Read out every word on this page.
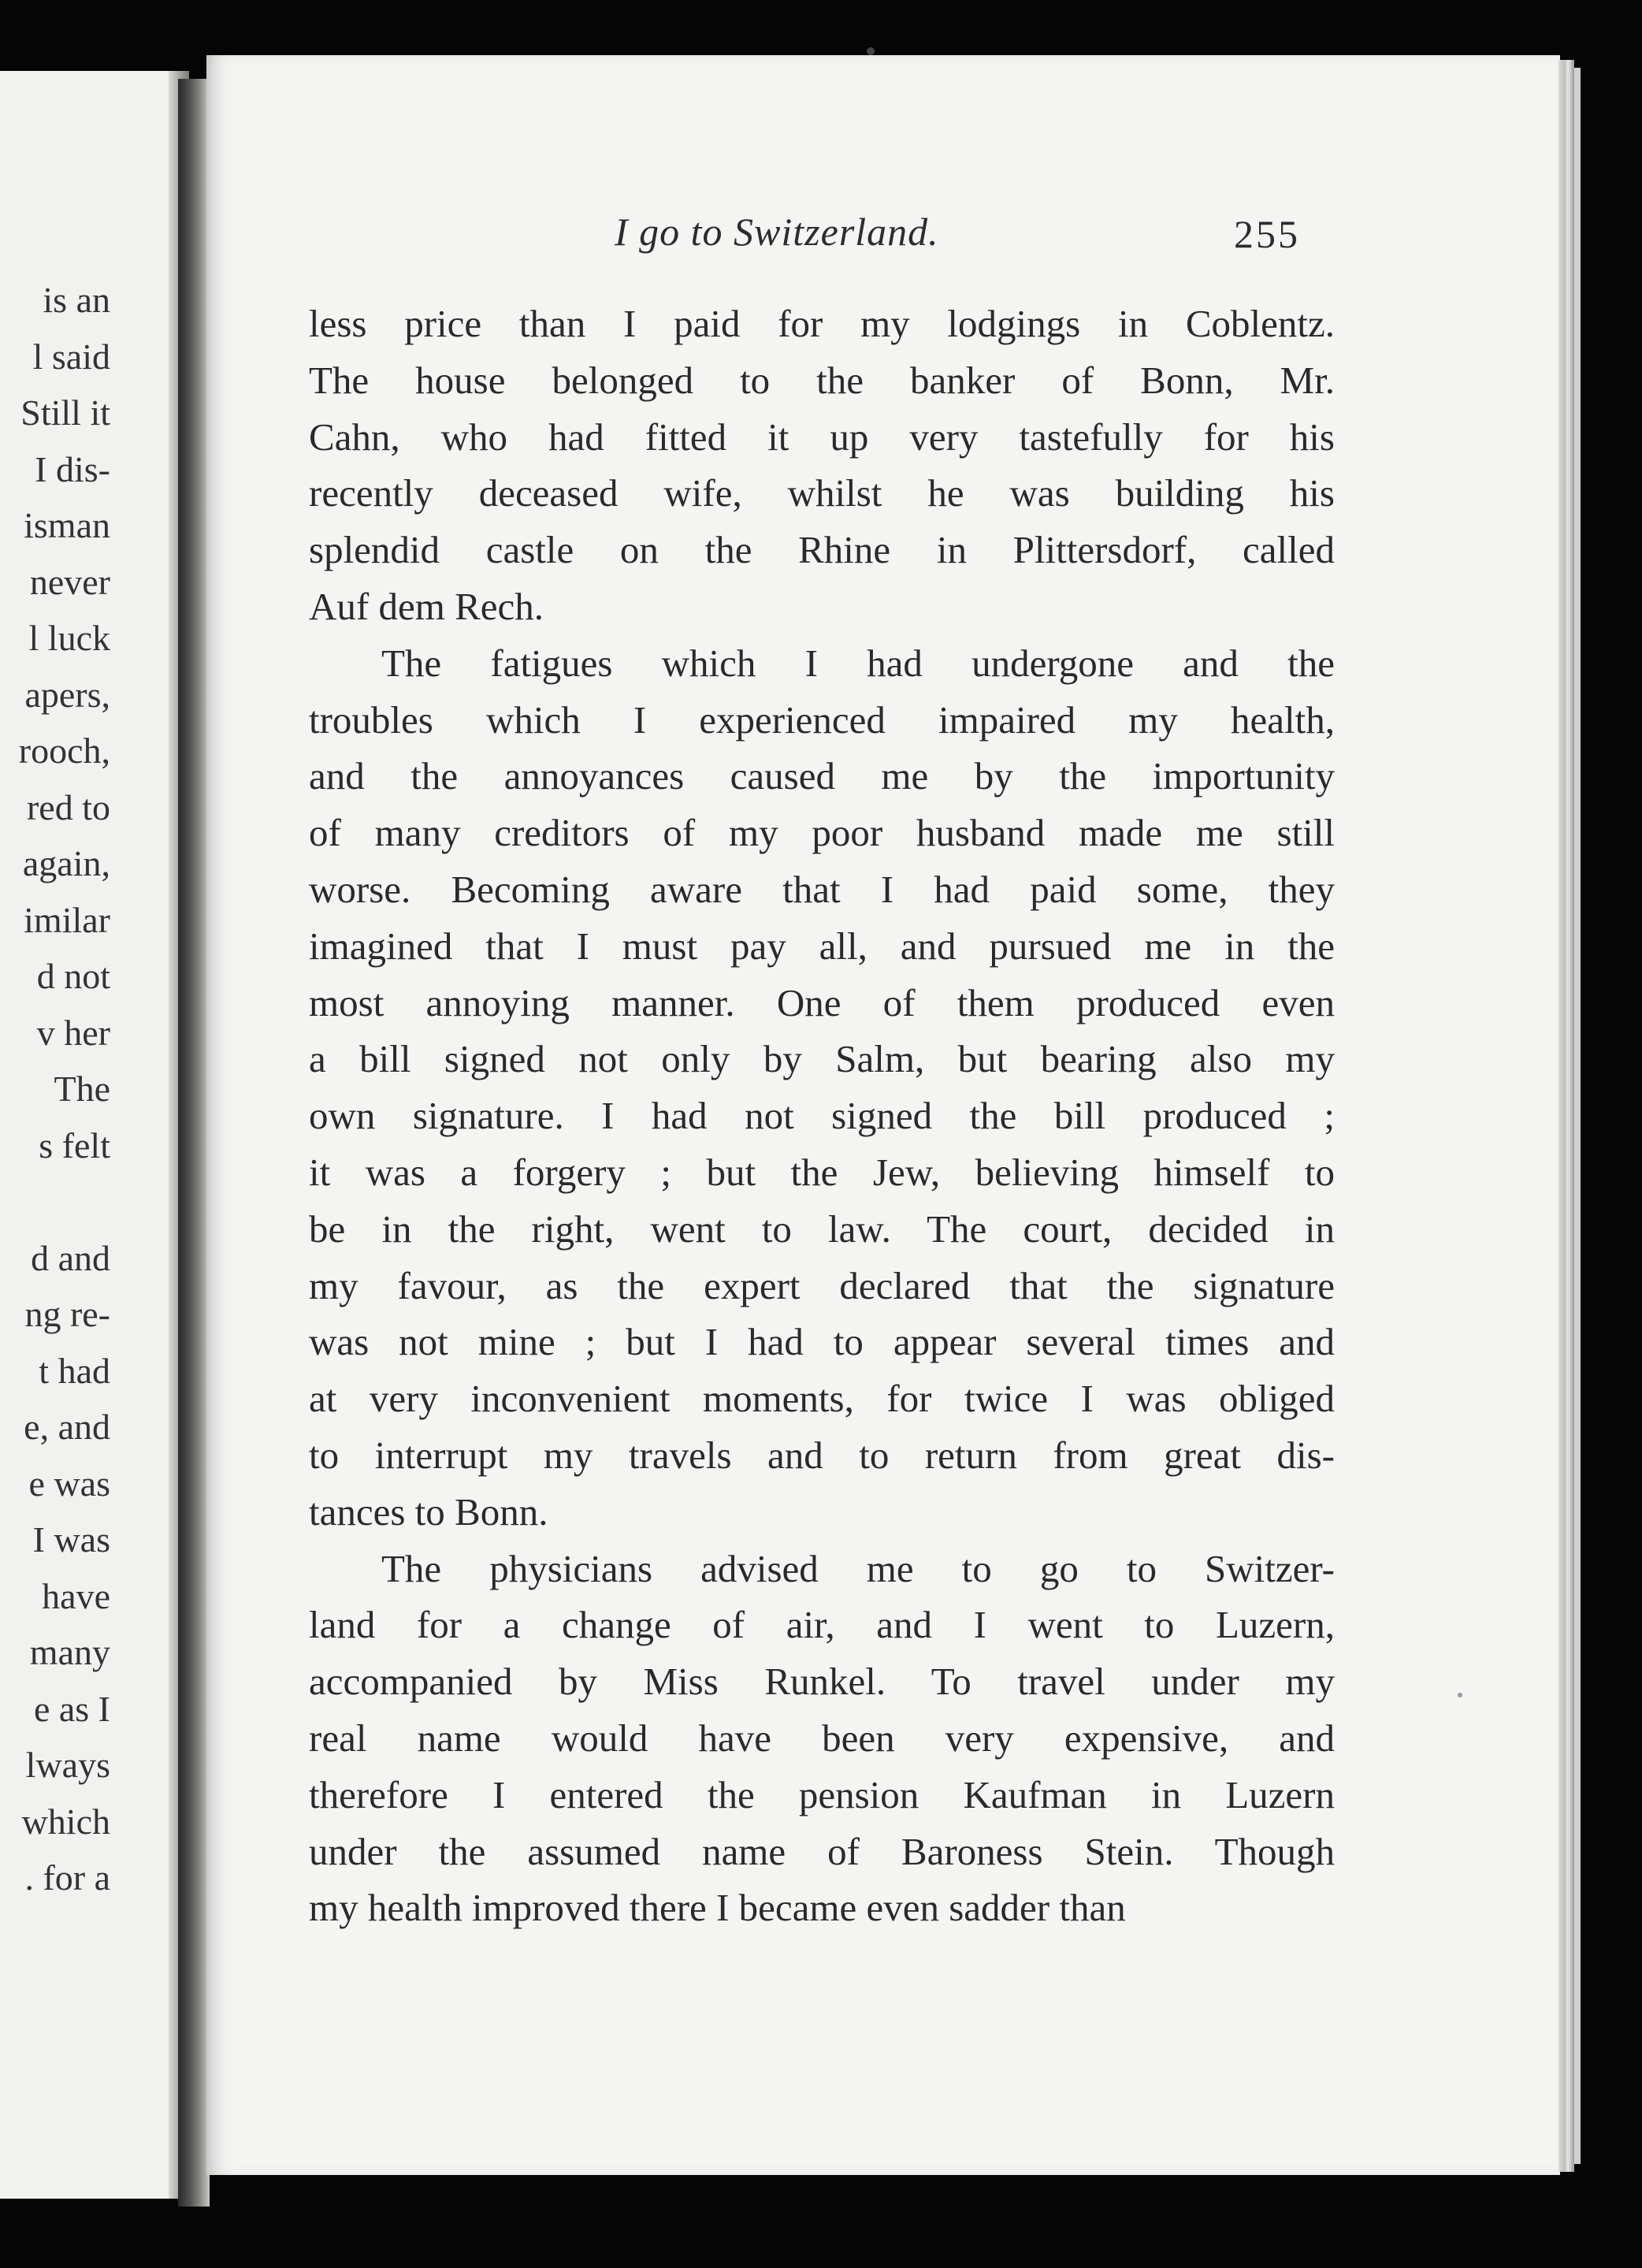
is an
l said
Still it
I dis-
isman
never
l luck
apers,
rooch,
red to
again,
imilar
d not
v her
The
s felt
d and
ng re-
t had
e, and
e was
I was
have
many
e as I
lways
which
. for a
I go to Switzerland.	255
less price than I paid for my lodgings in Coblentz.
The house belonged to the banker of Bonn, Mr.
Cahn, who had fitted it up very tastefully for his
recently deceased wife, whilst he was building his
splendid castle on the Rhine in Plittersdorf, called
Auf dem Rech.
The fatigues which I had undergone and the
troubles which I experienced impaired my health,
and the annoyances caused me by the importunity
of many creditors of my poor husband made me still
worse. Becoming aware that I had paid some, they
imagined that I must pay all, and pursued me in the
most annoying manner. One of them produced even
a bill signed not only by Salm, but bearing also my
own signature. I had not signed the bill produced ;
it was a forgery ; but the Jew, believing himself to
be in the right, went to law. The court, decided in
my favour, as the expert declared that the signature
was not mine ; but I had to appear several times and
at very inconvenient moments, for twice I was obliged
to interrupt my travels and to return from great dis-
tances to Bonn.
The physicians advised me to go to Switzer-
land for a change of air, and I went to Luzern,
accompanied by Miss Runkel. To travel under my
real name would have been very expensive, and
therefore I entered the pension Kaufman in Luzern
under the assumed name of Baroness Stein. Though
my health improved there I became even sadder than
